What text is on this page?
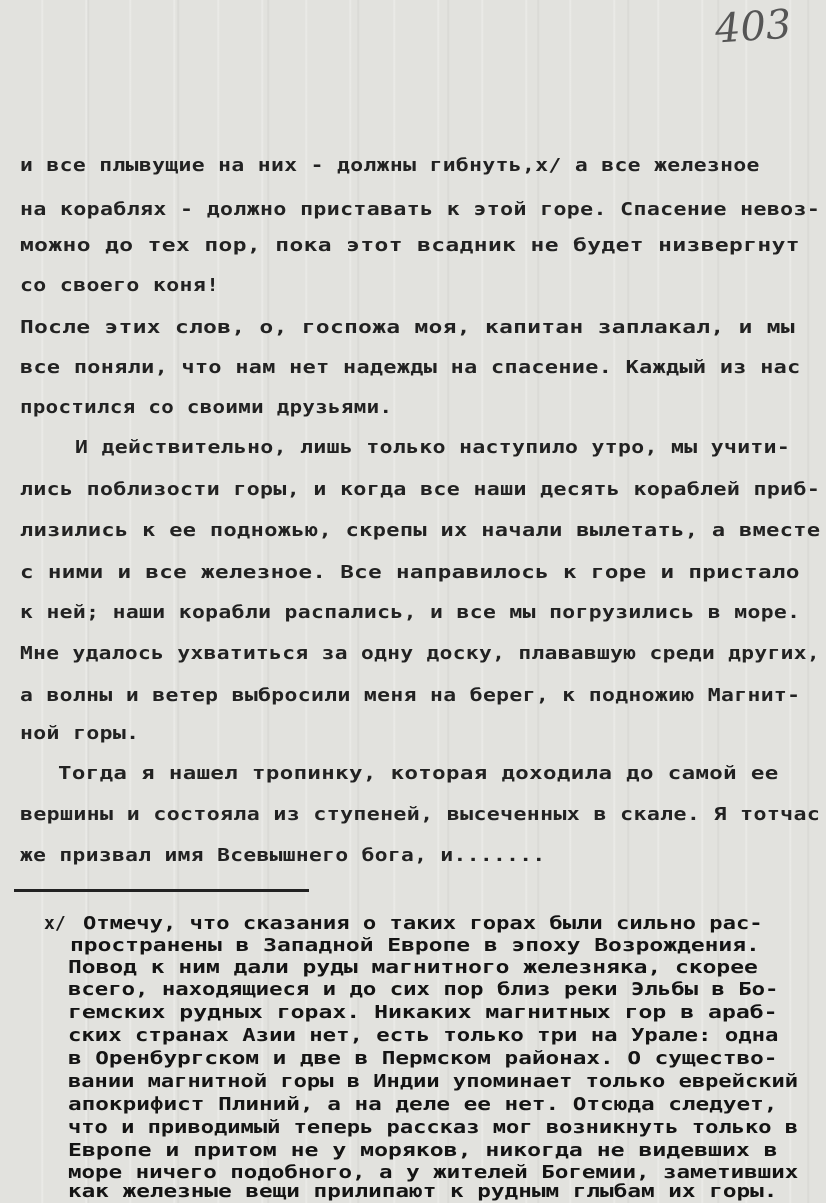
403
и все плывущие на них - должны гибнуть,х/ а все железное
на кораблях - должно приставать к этой горе. Спасение невоз-
можно до тех пор, пока этот всадник не будет низвергнут
со своего коня!
После этих слов, о, госпожа моя, капитан заплакал, и мы
все поняли, что нам нет надежды на спасение. Каждый из нас
простился со своими друзьями.
И действительно, лишь только наступило утро, мы учити-
лись поблизости горы, и когда все наши десять кораблей приб-
лизились к ее подножью, скрепы их начали вылетать, а вместе
с ними и все железное. Все направилось к горе и пристало
к ней; наши корабли распались, и все мы погрузились в море.
Мне удалось ухватиться за одну доску, плававшую среди других,
а волны и ветер выбросили меня на берег, к подножию Магнит-
ной горы.
Тогда я нашел тропинку, которая доходила до самой ее
вершины и состояла из ступеней, высеченных в скале. Я тотчас
же призвал имя Всевышнего бога, и.......
х/ Отмечу, что сказания о таких горах были сильно рас-
пространены в Западной Европе в эпоху Возрождения.
Повод к ним дали руды магнитного железняка, скорее
всего, находящиеся и до сих пор близ реки Эльбы в Бо-
гемских рудных горах. Никаких магнитных гор в араб-
ских странах Азии нет, есть только три на Урале: одна
в Оренбургском и две в Пермском районах. О существо-
вании магнитной горы в Индии упоминает только еврейский
апокрифист Плиний, а на деле ее нет. Отсюда следует,
что и приводимый теперь рассказ мог возникнуть только в
Европе и притом не у моряков, никогда не видевших в
море ничего подобного, а у жителей Богемии, заметивших
как железные вещи прилипают к рудным глыбам их горы.
